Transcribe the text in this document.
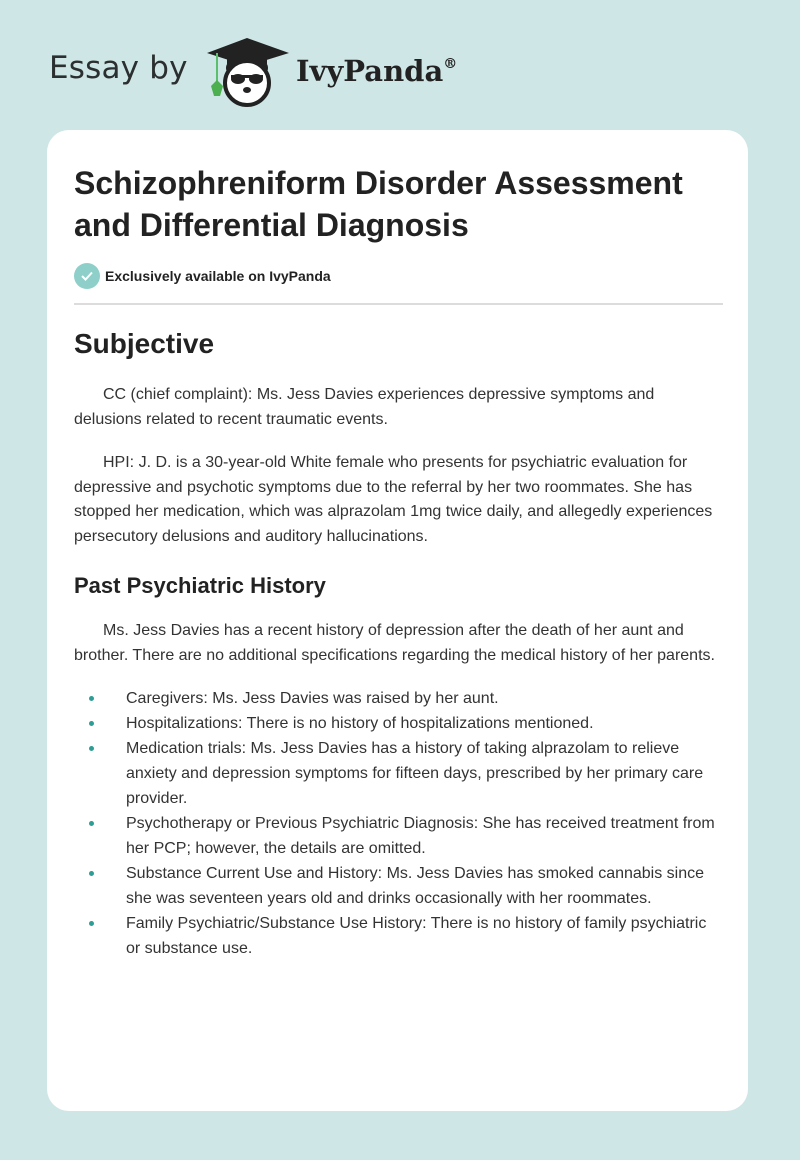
Essay by	IvyPanda®
Schizophreniform Disorder Assessment and Differential Diagnosis
Exclusively available on IvyPanda
Subjective

CC (chief complaint): Ms. Jess Davies experiences depressive symptoms and delusions related to recent traumatic events.

HPI: J. D. is a 30-year-old White female who presents for psychiatric evaluation for depressive and psychotic symptoms due to the referral by her two roommates. She has stopped her medication, which was alprazolam 1mg twice daily, and allegedly experiences persecutory delusions and auditory hallucinations.

Past Psychiatric History

Ms. Jess Davies has a recent history of depression after the death of her aunt and brother. There are no additional specifications regarding the medical history of her parents.

Caregivers: Ms. Jess Davies was raised by her aunt.
Hospitalizations: There is no history of hospitalizations mentioned.
Medication trials: Ms. Jess Davies has a history of taking alprazolam to relieve anxiety and depression symptoms for fifteen days, prescribed by her primary care provider.
Psychotherapy or Previous Psychiatric Diagnosis: She has received treatment from her PCP; however, the details are omitted.
Substance Current Use and History: Ms. Jess Davies has smoked cannabis since she was seventeen years old and drinks occasionally with her roommates.
Family Psychiatric/Substance Use History: There is no history of family psychiatric or substance use.
